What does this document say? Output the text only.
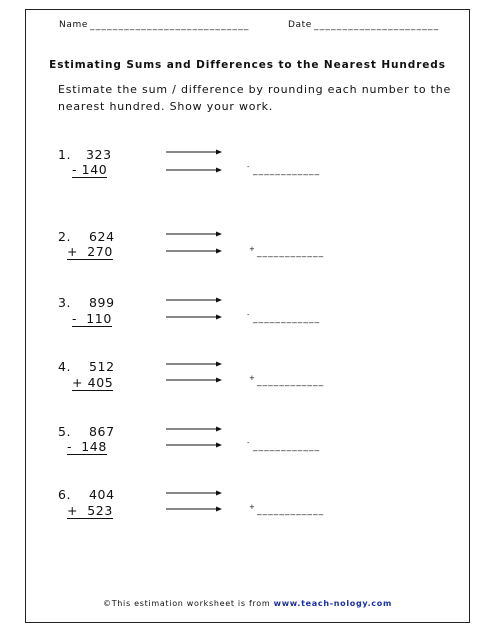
Name ____________________________	Date ______________________
Estimating Sums and Differences to the Nearest Hundreds
Estimate the sum / difference by rounding each number to the
nearest hundred. Show your work.
1. 323
- 140	- ____________
2. 624
+  270	+ ____________
3. 899
-  110	- ____________
4. 512
+ 405	+ ____________
5. 867
-  148	- ____________
6. 404
+  523	+ ____________
©This estimation worksheet is from www.teach-nology.com
